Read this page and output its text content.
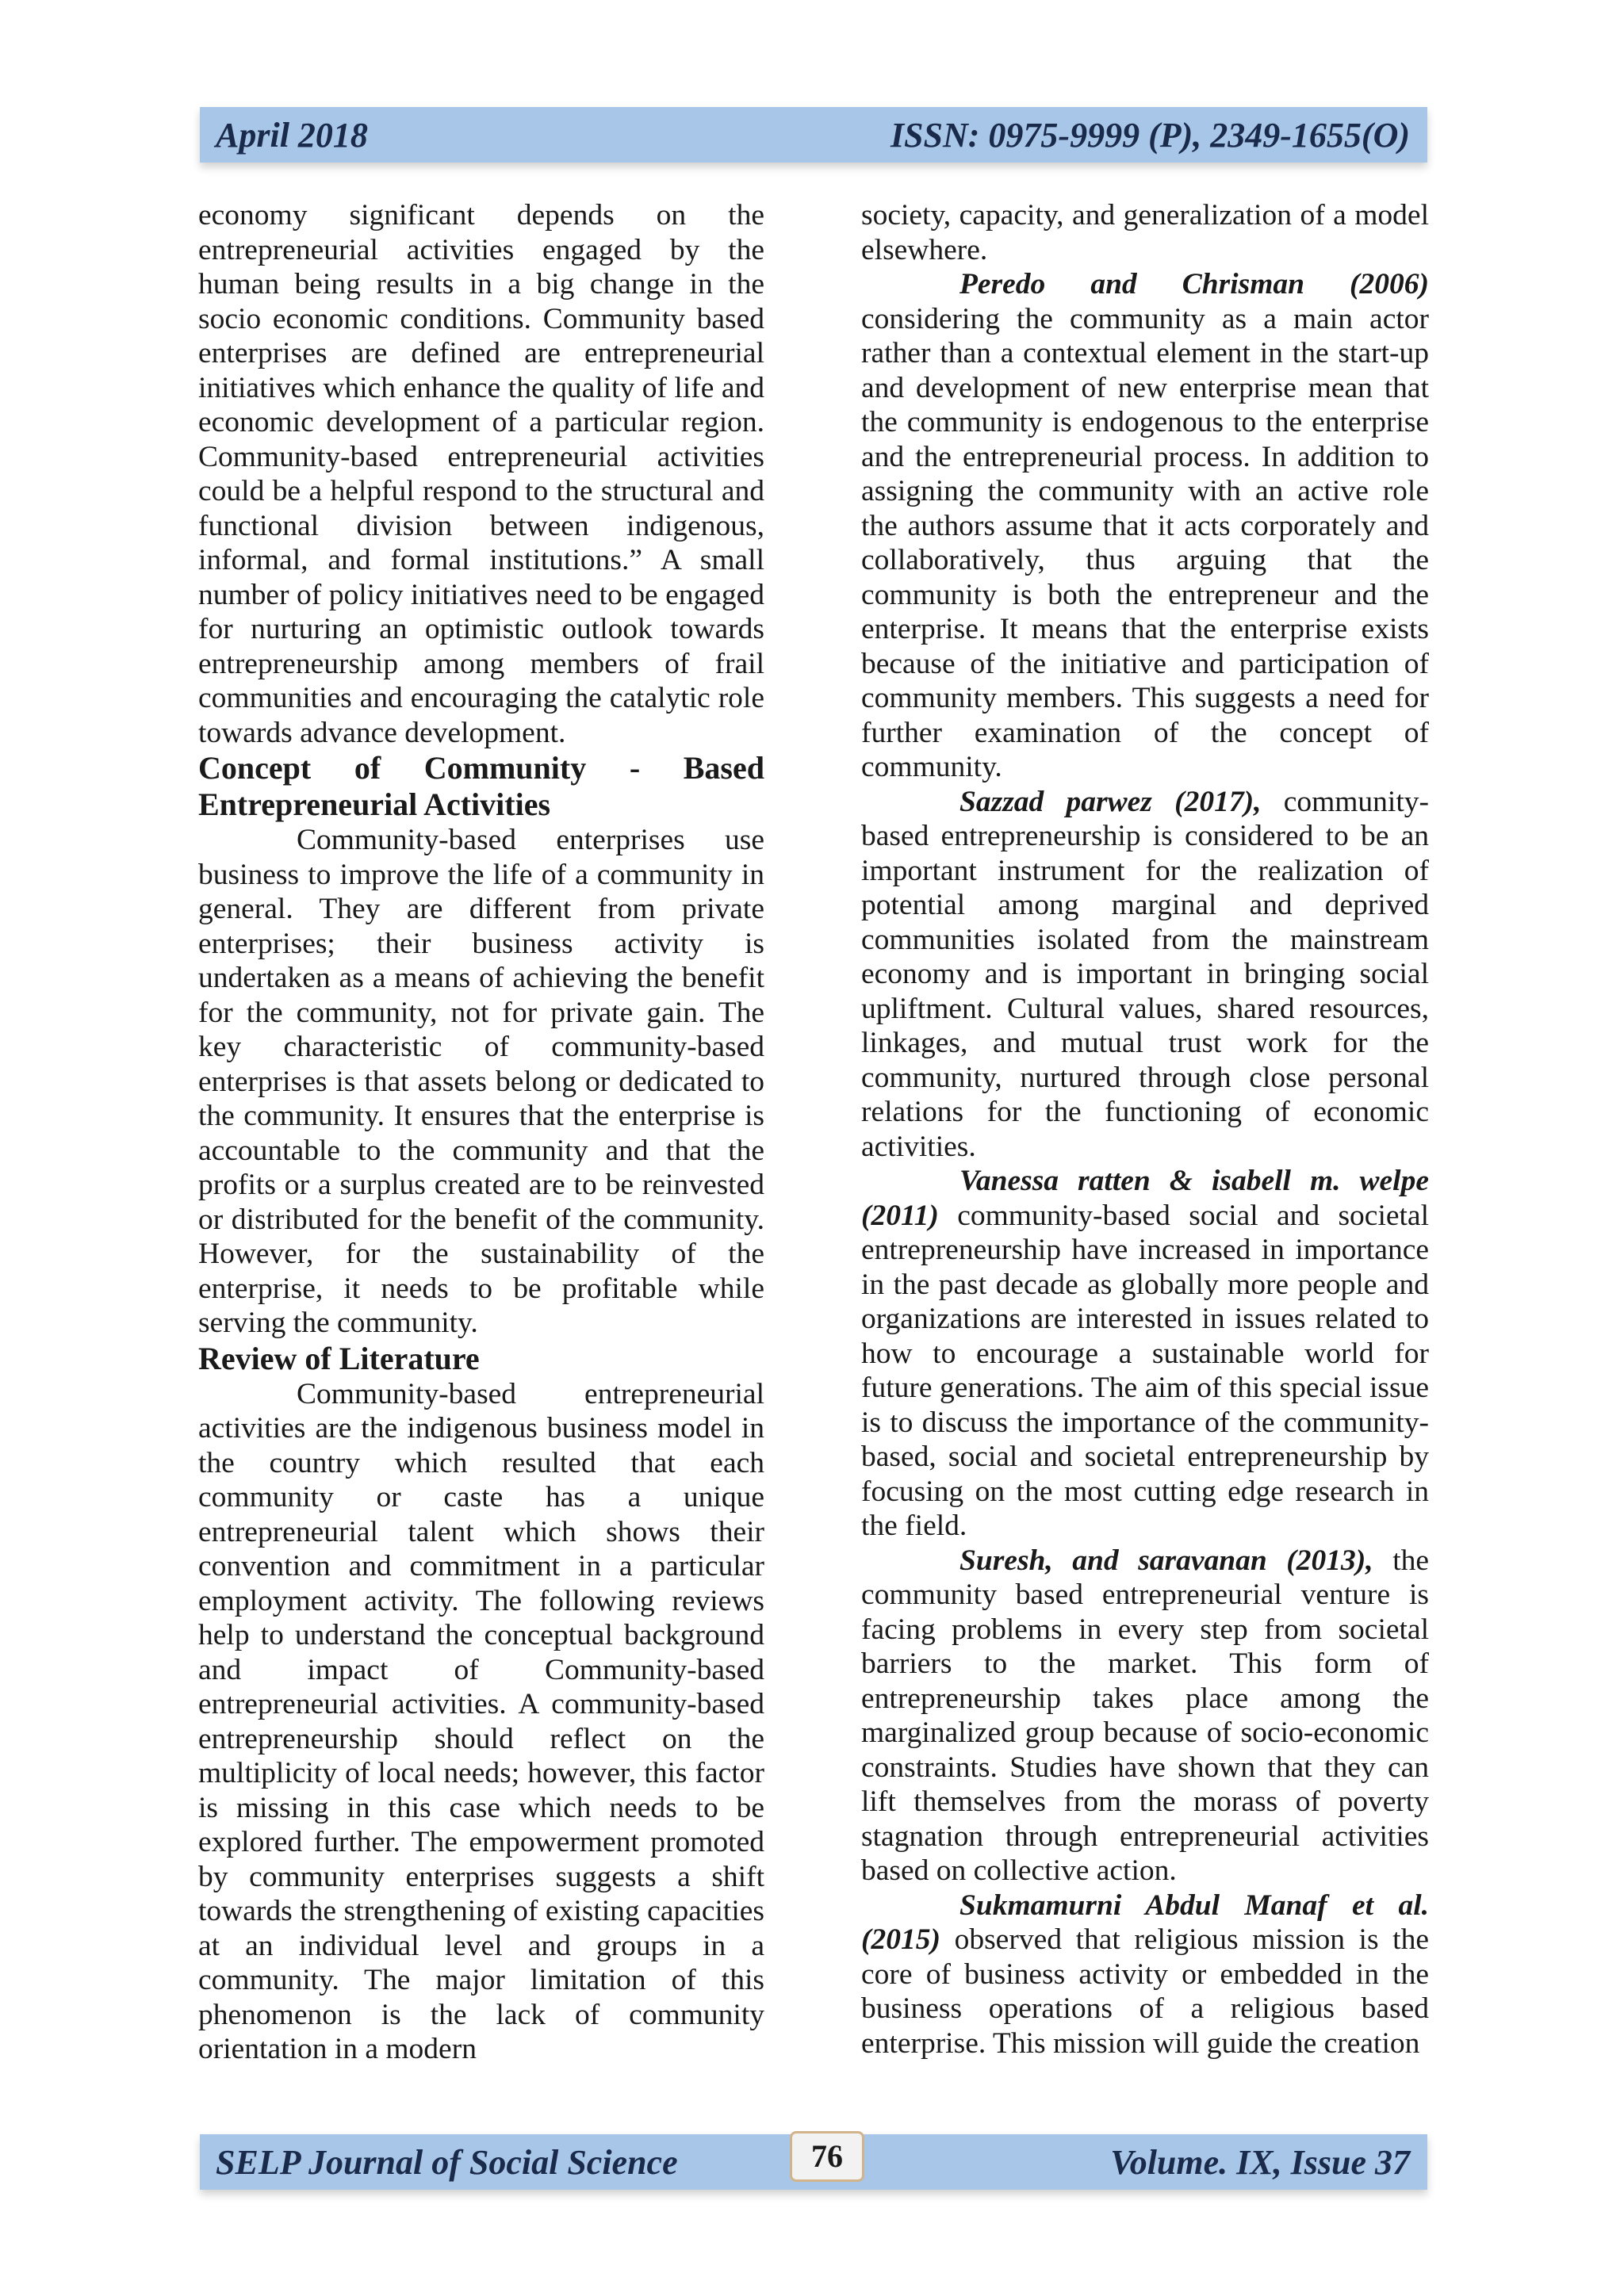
April 2018	ISSN: 0975-9999 (P), 2349-1655(O)

economy significant depends on the entrepreneurial activities engaged by the human being results in a big change in the socio economic conditions. Community based enterprises are defined are entrepreneurial initiatives which enhance the quality of life and economic development of a particular region. Community-based entrepreneurial activities could be a helpful respond to the structural and functional division between indigenous, informal, and formal institutions.” A small number of policy initiatives need to be engaged for nurturing an optimistic outlook towards entrepreneurship among members of frail communities and encouraging the catalytic role towards advance development.

Concept of Community - Based Entrepreneurial Activities

Community-based enterprises use business to improve the life of a community in general. They are different from private enterprises; their business activity is undertaken as a means of achieving the benefit for the community, not for private gain. The key characteristic of community-based enterprises is that assets belong or dedicated to the community. It ensures that the enterprise is accountable to the community and that the profits or a surplus created are to be reinvested or distributed for the benefit of the community. However, for the sustainability of the enterprise, it needs to be profitable while serving the community.

Review of Literature

Community-based entrepreneurial activities are the indigenous business model in the country which resulted that each community or caste has a unique entrepreneurial talent which shows their convention and commitment in a particular employment activity. The following reviews help to understand the conceptual background and impact of Community-based entrepreneurial activities. A community-based entrepreneurship should reflect on the multiplicity of local needs; however, this factor is missing in this case which needs to be explored further. The empowerment promoted by community enterprises suggests a shift towards the strengthening of existing capacities at an individual level and groups in a community. The major limitation of this phenomenon is the lack of community orientation in a modern

society, capacity, and generalization of a model elsewhere.

Peredo and Chrisman (2006) considering the community as a main actor rather than a contextual element in the start-up and development of new enterprise mean that the community is endogenous to the enterprise and the entrepreneurial process. In addition to assigning the community with an active role the authors assume that it acts corporately and collaboratively, thus arguing that the community is both the entrepreneur and the enterprise. It means that the enterprise exists because of the initiative and participation of community members. This suggests a need for further examination of the concept of community.

Sazzad parwez (2017), community-based entrepreneurship is considered to be an important instrument for the realization of potential among marginal and deprived communities isolated from the mainstream economy and is important in bringing social upliftment. Cultural values, shared resources, linkages, and mutual trust work for the community, nurtured through close personal relations for the functioning of economic activities.

Vanessa ratten & isabell m. welpe (2011) community-based social and societal entrepreneurship have increased in importance in the past decade as globally more people and organizations are interested in issues related to how to encourage a sustainable world for future generations. The aim of this special issue is to discuss the importance of the community-based, social and societal entrepreneurship by focusing on the most cutting edge research in the field.

Suresh, and saravanan (2013), the community based entrepreneurial venture is facing problems in every step from societal barriers to the market. This form of entrepreneurship takes place among the marginalized group because of socio-economic constraints. Studies have shown that they can lift themselves from the morass of poverty stagnation through entrepreneurial activities based on collective action.

Sukmamurni Abdul Manaf et al. (2015) observed that religious mission is the core of business activity or embedded in the business operations of a religious based enterprise. This mission will guide the creation

SELP Journal of Social Science	Volume. IX, Issue 37
76
